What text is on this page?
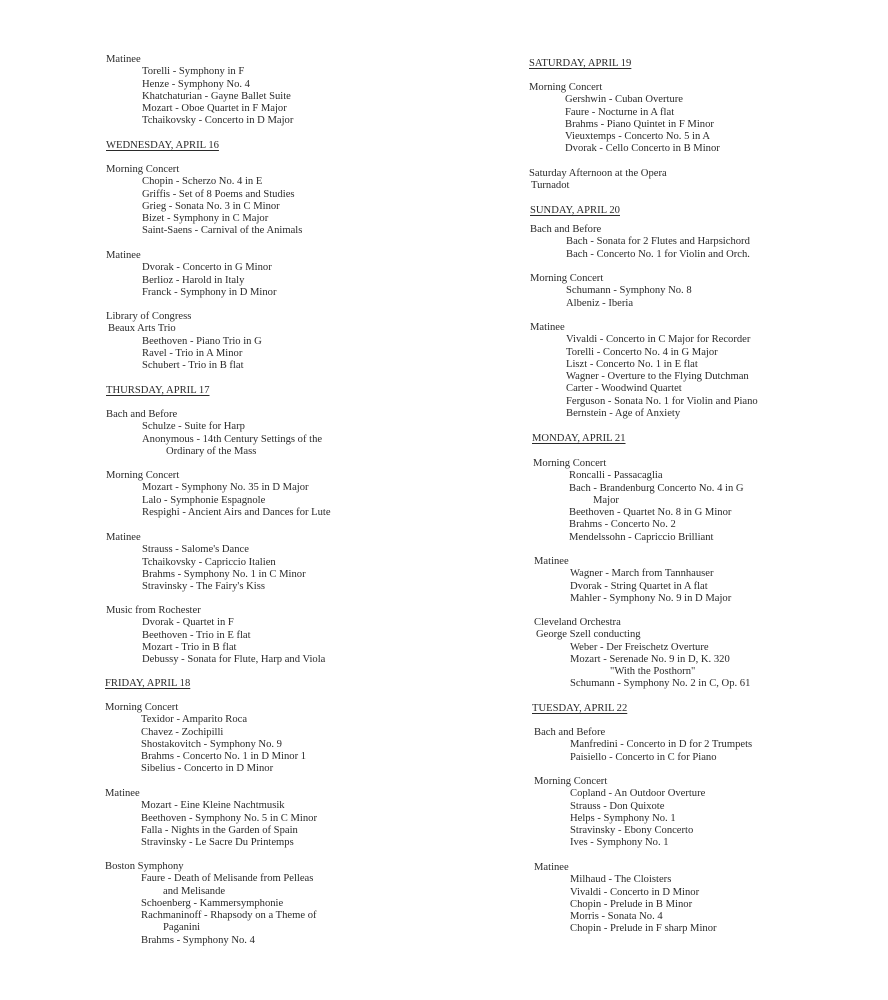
Matinee
Torelli - Symphony in F
Henze - Symphony No. 4
Khatchaturian - Gayne Ballet Suite
Mozart - Oboe Quartet in F Major
Tchaikovsky - Concerto in D Major
WEDNESDAY, APRIL 16
Morning Concert
Chopin - Scherzo No. 4 in E
Griffis - Set of 8 Poems and Studies
Grieg - Sonata No. 3 in C Minor
Bizet - Symphony in C Major
Saint-Saens - Carnival of the Animals
Matinee
Dvorak - Concerto in G Minor
Berlioz - Harold in Italy
Franck - Symphony in D Minor
Library of Congress
Beaux Arts Trio
Beethoven - Piano Trio in G
Ravel - Trio in A Minor
Schubert - Trio in B flat
THURSDAY, APRIL 17
Bach and Before
Schulze - Suite for Harp
Anonymous - 14th Century Settings of the
Ordinary of the Mass
Morning Concert
Mozart - Symphony No. 35 in D Major
Lalo - Symphonie Espagnole
Respighi - Ancient Airs and Dances for Lute
Matinee
Strauss - Salome's Dance
Tchaikovsky - Capriccio Italien
Brahms - Symphony No. 1 in C Minor
Stravinsky - The Fairy's Kiss
Music from Rochester
Dvorak - Quartet in F
Beethoven - Trio in E flat
Mozart - Trio in B flat
Debussy - Sonata for Flute, Harp and Viola
FRIDAY, APRIL 18
Morning Concert
Texidor - Amparito Roca
Chavez - Zochipilli
Shostakovitch - Symphony No. 9
Brahms - Concerto No. 1 in D Minor 1
Sibelius - Concerto in D Minor
Matinee
Mozart - Eine Kleine Nachtmusik
Beethoven - Symphony No. 5 in C Minor
Falla - Nights in the Garden of Spain
Stravinsky - Le Sacre Du Printemps
Boston Symphony
Faure - Death of Melisande from Pelleas
and Melisande
Schoenberg - Kammersymphonie
Rachmaninoff - Rhapsody on a Theme of
Paganini
Brahms - Symphony No. 4
SATURDAY, APRIL 19
Morning Concert
Gershwin - Cuban Overture
Faure - Nocturne in A flat
Brahms - Piano Quintet in F Minor
Vieuxtemps - Concerto No. 5 in A
Dvorak - Cello Concerto in B Minor
Saturday Afternoon at the Opera
Turnadot
SUNDAY, APRIL 20
Bach and Before
Bach - Sonata for 2 Flutes and Harpsichord
Bach - Concerto No. 1 for Violin and Orch.
Morning Concert
Schumann - Symphony No. 8
Albeniz - Iberia
Matinee
Vivaldi - Concerto in C Major for Recorder
Torelli - Concerto No. 4 in G Major
Liszt - Concerto No. 1 in E flat
Wagner - Overture to the Flying Dutchman
Carter - Woodwind Quartet
Ferguson - Sonata No. 1 for Violin and Piano
Bernstein - Age of Anxiety
MONDAY, APRIL 21
Morning Concert
Roncalli - Passacaglia
Bach - Brandenburg Concerto No. 4 in G
Major
Beethoven - Quartet No. 8 in G Minor
Brahms - Concerto No. 2
Mendelssohn - Capriccio Brilliant
Matinee
Wagner - March from Tannhauser
Dvorak - String Quartet in A flat
Mahler - Symphony No. 9 in D Major
Cleveland Orchestra
George Szell conducting
Weber - Der Freischetz Overture
Mozart - Serenade No. 9 in D, K. 320
"With the Posthorn"
Schumann - Symphony No. 2 in C, Op. 61
TUESDAY, APRIL 22
Bach and Before
Manfredini - Concerto in D for 2 Trumpets
Paisiello - Concerto in C for Piano
Morning Concert
Copland - An Outdoor Overture
Strauss - Don Quixote
Helps - Symphony No. 1
Stravinsky - Ebony Concerto
Ives - Symphony No. 1
Matinee
Milhaud - The Cloisters
Vivaldi - Concerto in D Minor
Chopin - Prelude in B Minor
Morris - Sonata No. 4
Chopin - Prelude in F sharp Minor
